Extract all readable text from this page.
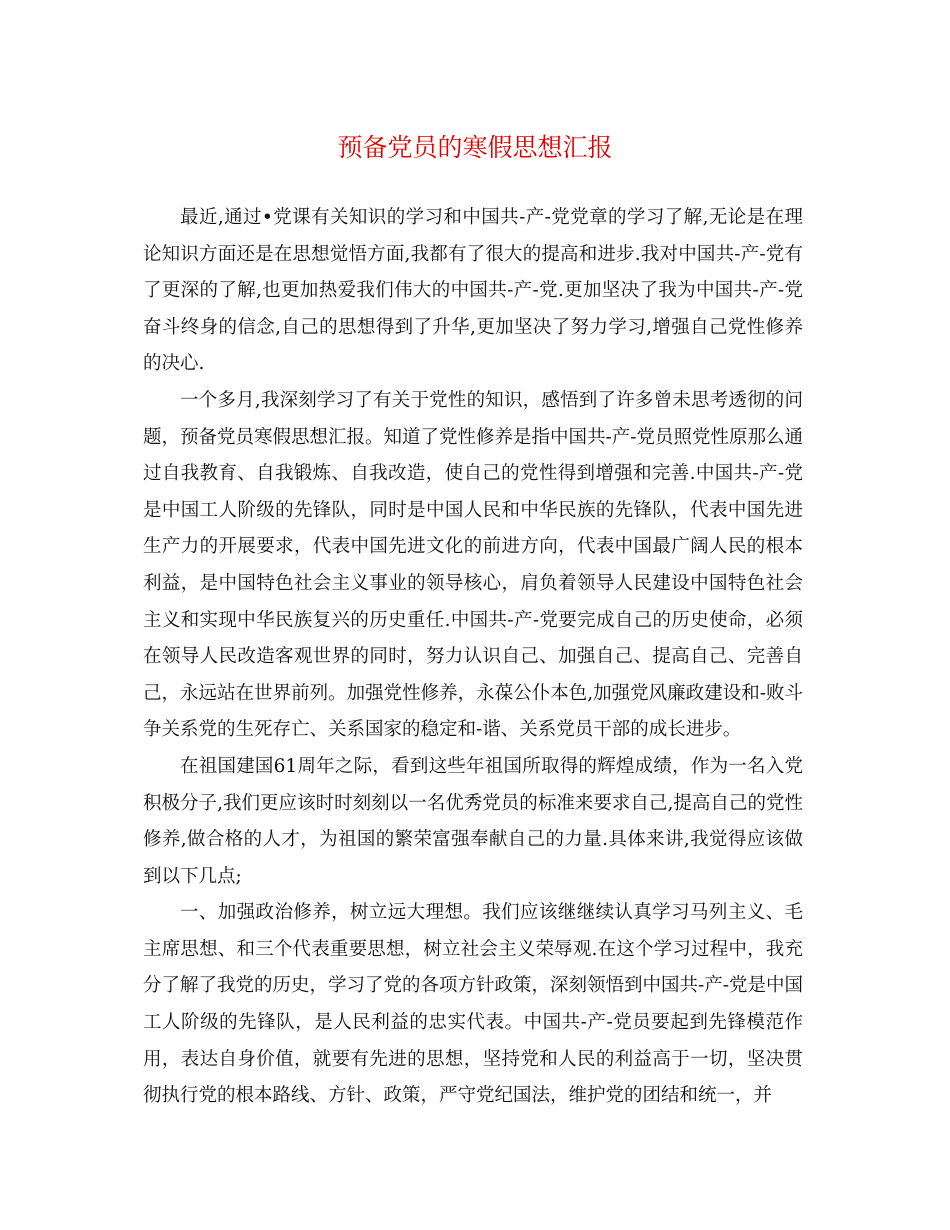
预备党员的寒假思想汇报

最近,通过•党课有关知识的学习和中国共-产-党党章的学习了解,无论是在理论知识方面还是在思想觉悟方面,我都有了很大的提高和进步.我对中国共-产-党有了更深的了解,也更加热爱我们伟大的中国共-产-党.更加坚决了我为中国共-产-党奋斗终身的信念,自己的思想得到了升华,更加坚决了努力学习,增强自己党性修养的决心.

一个多月,我深刻学习了有关于党性的知识，感悟到了许多曾未思考透彻的问题，预备党员寒假思想汇报。知道了党性修养是指中国共-产-党员照党性原那么通过自我教育、自我锻炼、自我改造，使自己的党性得到增强和完善.中国共-产-党是中国工人阶级的先锋队，同时是中国人民和中华民族的先锋队，代表中国先进生产力的开展要求，代表中国先进文化的前进方向，代表中国最广阔人民的根本利益，是中国特色社会主义事业的领导核心，肩负着领导人民建设中国特色社会主义和实现中华民族复兴的历史重任.中国共-产-党要完成自己的历史使命，必须在领导人民改造客观世界的同时，努力认识自己、加强自己、提高自己、完善自己，永远站在世界前列。加强党性修养，永葆公仆本色,加强党风廉政建设和-败斗争关系党的生死存亡、关系国家的稳定和-谐、关系党员干部的成长进步。

在祖国建国61周年之际，看到这些年祖国所取得的辉煌成绩，作为一名入党积极分子,我们更应该时时刻刻以一名优秀党员的标准来要求自己,提高自己的党性修养,做合格的人才，为祖国的繁荣富强奉献自己的力量.具体来讲,我觉得应该做到以下几点;

一、加强政治修养，树立远大理想。我们应该继继续认真学习马列主义、毛主席思想、和三个代表重要思想，树立社会主义荣辱观.在这个学习过程中，我充分了解了我党的历史，学习了党的各项方针政策，深刻领悟到中国共-产-党是中国工人阶级的先锋队，是人民利益的忠实代表。中国共-产-党员要起到先锋模范作用，表达自身价值，就要有先进的思想，坚持党和人民的利益高于一切，坚决贯彻执行党的根本路线、方针、政策，严守党纪国法，维护党的团结和统一，并
